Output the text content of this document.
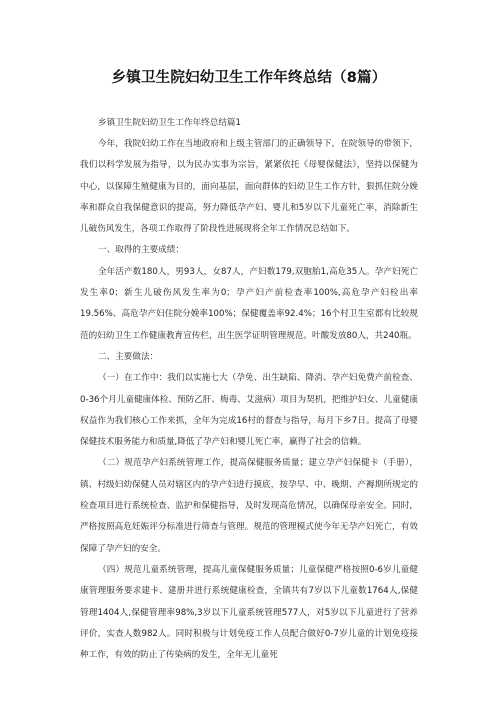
乡镇卫生院妇幼卫生工作年终总结（8篇）

乡镇卫生院妇幼卫生工作年终总结篇1

今年，我院妇幼工作在当地政府和上级主管部门的正确领导下，在院领导的带领下，我们以科学发展为指导，以为民办实事为宗旨，紧紧依托《母婴保健法》，坚持以保健为中心，以保障生殖健康为目的，面向基层，面向群体的妇幼卫生工作方针，狠抓住院分娩率和群众自我保健意识的提高，努力降低孕产妇、婴儿和5岁以下儿童死亡率，消除新生儿破伤风发生，各项工作取得了阶段性进展现将全年工作情况总结如下。

一、取得的主要成绩：

全年活产数180人，男93人，女87人，产妇数179,双胞胎1,高危35人。孕产妇死亡发生率0；新生儿破伤风发生率为0；孕产妇产前检查率100%,高危孕产妇检出率19.56%、高危孕产妇住院分娩率100%；保健覆盖率92.4%；16个村卫生室都有比较规范的妇幼卫生工作健康教育宣传栏，出生医学证明管理规范。叶酸发放80人，共240瓶。

二、主要做法：

（一）在工作中：我们以实施七大（孕免、出生缺陷、降消、孕产妇免费产前检查、0-36个月儿童健康体检、预防乙肝、梅毒、艾滋病）项目为契机，把维护妇女、儿童健康权益作为我们核心工作来抓，全年为完成16村的督查与指导，每月下乡7日。提高了母婴保健技术服务能力和质量,降低了孕产妇和婴儿死亡率，赢得了社会的信赖。

（二）规范孕产妇系统管理工作，提高保健服务质量；建立孕产妇保健卡（手册），镇、村级妇幼保健人员对辖区内的孕产妇进行摸底，按孕早、中、晚期、产褥期所规定的检查项目进行系统检查、监护和保健指导，及时发现高危情况，以确保母亲安全。同时，严格按照高危妊娠评分标准进行筛查与管理。规范的管理模式使今年无孕产妇死亡，有效保障了孕产妇的安全。

（四）规范儿童系统管理，提高儿童保健服务质量；儿童保健严格按照0-6岁儿童健康管理服务要求建卡、建册并进行系统健康检查，全镇共有7岁以下儿童数1764人,保健管理1404人,保健管理率98%,3岁以下儿童系统管理577人，对5岁以下儿童进行了营养评价，实查人数982人。同时积极与计划免疫工作人员配合做好0-7岁儿童的计划免疫接种工作，有效的防止了传染病的发生，全年无儿童死
